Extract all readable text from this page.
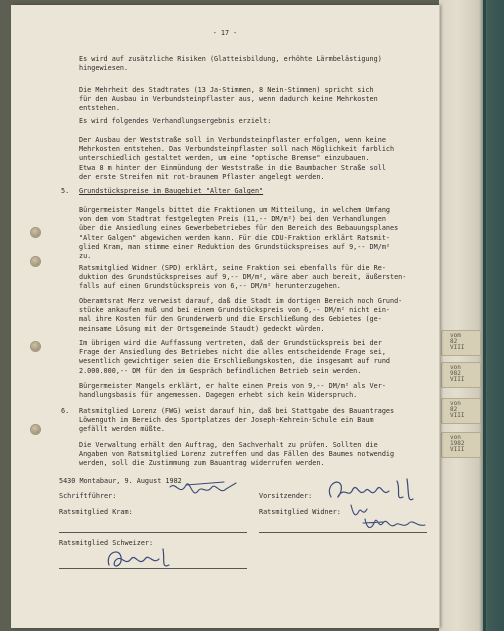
vom
82
VIII
von
982
VIII
von
82
VIII
von
1982
VIII
- 17 -
Es wird auf zusätzliche Risiken (Glatteisbildung, erhöhte Lärmbelästigung)
hingewiesen.
Die Mehrheit des Stadtrates (13 Ja-Stimmen, 8 Nein-Stimmen) spricht sich
für den Ausbau in Verbundsteinpflaster aus, wenn dadurch keine Mehrkosten
entstehen.
Es wird folgendes Verhandlungsergebnis erzielt:
Der Ausbau der Weststraße soll in Verbundsteinpflaster erfolgen, wenn keine
Mehrkosten entstehen. Das Verbundsteinpflaster soll nach Möglichkeit farblich
unterschiedlich gestaltet werden, um eine "optische Bremse" einzubauen.
Etwa 8 m hinter der Einmündung der Weststraße in die Baumbacher Straße soll
der erste Streifen mit rot-braunem Pflaster angelegt werden.
5. Grundstückspreise im Baugebiet "Alter Galgen"
Bürgermeister Mangels bittet die Fraktionen um Mitteilung, in welchem Umfang
von dem vom Stadtrat festgelegten Preis (11,-- DM/m²) bei den Verhandlungen
über die Ansiedlung eines Gewerbebetriebes für den Bereich des Bebauungsplanes
"Alter Galgen" abgewichen werden kann. Für die CDU-Fraktion erklärt Ratsmit-
glied Kram, man stimme einer Reduktion des Grundstückspreises auf 9,-- DM/m²
zu.
Ratsmitglied Widner (SPD) erklärt, seine Fraktion sei ebenfalls für die Re-
duktion des Grundstückspreises auf 9,-- DM/m², wäre aber auch bereit, äußersten-
falls auf einen Grundstückspreis von 6,-- DM/m² herunterzugehen.
Oberamtsrat Merz verweist darauf, daß die Stadt im dortigen Bereich noch Grund-
stücke ankaufen muß und bei einem Grundstückspreis von 6,-- DM/m² nicht ein-
mal ihre Kosten für den Grunderwerb und die Erschließung des Gebietes (ge-
meinsame Lösung mit der Ortsgemeinde Staudt) gedeckt würden.
Im übrigen wird die Auffassung vertreten, daß der Grundstückspreis bei der
Frage der Ansiedlung des Betriebes nicht die alles entscheidende Frage sei,
wesentlich gewichtiger seien die Erschließungskosten, die insgesamt auf rund
2.000.000,-- DM für den im Gespräch befindlichen Betrieb sein werden.
Bürgermeister Mangels erklärt, er halte einen Preis von 9,-- DM/m² als Ver-
handlungsbasis für angemessen. Dagegen erhebt sich kein Widerspruch.
6. Ratsmitglied Lorenz (FWG) weist darauf hin, daß bei Stattgabe des Bauantrages
Löwenguth im Bereich des Sportplatzes der Joseph-Kehrein-Schule ein Baum
gefällt werden müßte.
Die Verwaltung erhält den Auftrag, den Sachverhalt zu prüfen. Sollten die
Angaben von Ratsmitglied Lorenz zutreffen und das Fällen des Baumes notwendig
werden, soll die Zustimmung zum Bauantrag widerrufen werden.
5430 Montabaur, 9. August 1982
Schriftführer:	Vorsitzender:
Ratsmitglied Kram:	Ratsmitglied Widner:
Ratsmitglied Schweizer:
